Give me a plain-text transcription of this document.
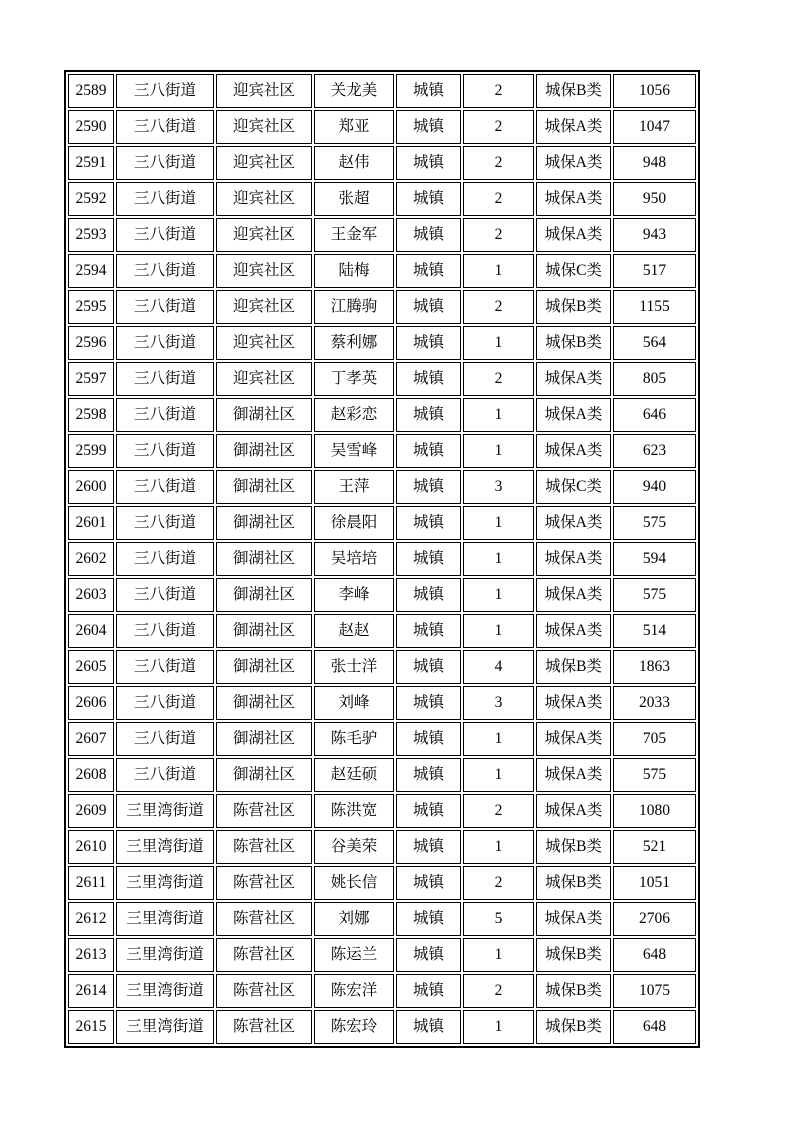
2589	三八街道	迎宾社区	关龙美	城镇	2	城保B类	1056
2590	三八街道	迎宾社区	郑亚	城镇	2	城保A类	1047
2591	三八街道	迎宾社区	赵伟	城镇	2	城保A类	948
2592	三八街道	迎宾社区	张超	城镇	2	城保A类	950
2593	三八街道	迎宾社区	王金军	城镇	2	城保A类	943
2594	三八街道	迎宾社区	陆梅	城镇	1	城保C类	517
2595	三八街道	迎宾社区	江腾驹	城镇	2	城保B类	1155
2596	三八街道	迎宾社区	蔡利娜	城镇	1	城保B类	564
2597	三八街道	迎宾社区	丁孝英	城镇	2	城保A类	805
2598	三八街道	御湖社区	赵彩恋	城镇	1	城保A类	646
2599	三八街道	御湖社区	吴雪峰	城镇	1	城保A类	623
2600	三八街道	御湖社区	王萍	城镇	3	城保C类	940
2601	三八街道	御湖社区	徐晨阳	城镇	1	城保A类	575
2602	三八街道	御湖社区	吴培培	城镇	1	城保A类	594
2603	三八街道	御湖社区	李峰	城镇	1	城保A类	575
2604	三八街道	御湖社区	赵赵	城镇	1	城保A类	514
2605	三八街道	御湖社区	张士洋	城镇	4	城保B类	1863
2606	三八街道	御湖社区	刘峰	城镇	3	城保A类	2033
2607	三八街道	御湖社区	陈毛驴	城镇	1	城保A类	705
2608	三八街道	御湖社区	赵廷硕	城镇	1	城保A类	575
2609	三里湾街道	陈营社区	陈洪宽	城镇	2	城保A类	1080
2610	三里湾街道	陈营社区	谷美荣	城镇	1	城保B类	521
2611	三里湾街道	陈营社区	姚长信	城镇	2	城保B类	1051
2612	三里湾街道	陈营社区	刘娜	城镇	5	城保A类	2706
2613	三里湾街道	陈营社区	陈运兰	城镇	1	城保B类	648
2614	三里湾街道	陈营社区	陈宏洋	城镇	2	城保B类	1075
2615	三里湾街道	陈营社区	陈宏玲	城镇	1	城保B类	648
